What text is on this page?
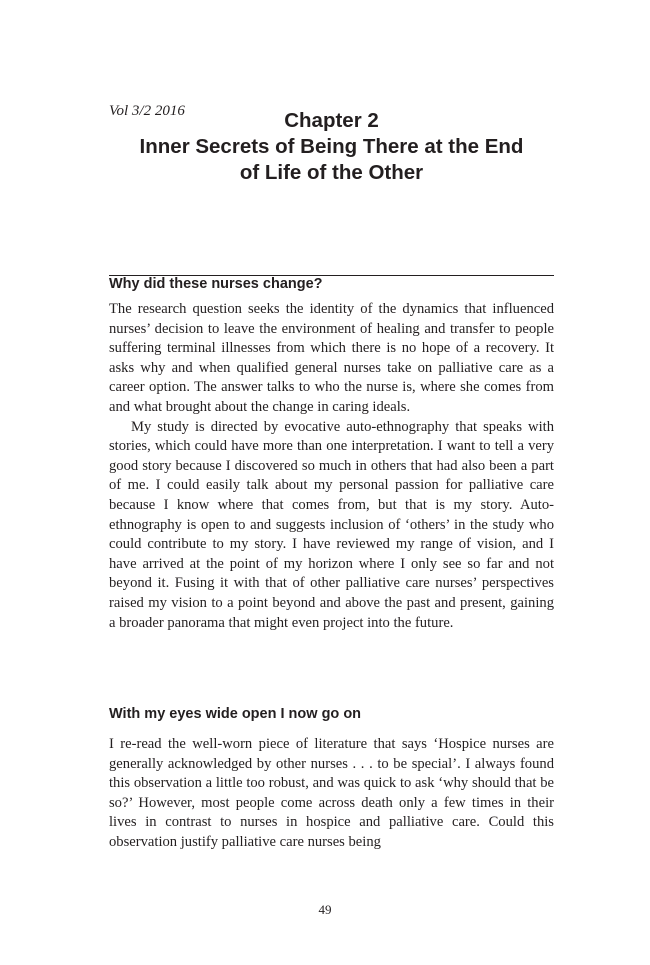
Vol 3/2 2016	Chapter 2
Inner Secrets of Being There at the End
of Life of the Other
Why did these nurses change?

The research question seeks the identity of the dynamics that influenced nurses’ decision to leave the environment of healing and transfer to people suffering terminal illnesses from which there is no hope of a recovery. It asks why and when qualified general nurses take on palliative care as a career option. The answer talks to who the nurse is, where she comes from and what brought about the change in caring ideals.

My study is directed by evocative auto-ethnography that speaks with stories, which could have more than one interpretation. I want to tell a very good story because I discovered so much in others that had also been a part of me. I could easily talk about my personal passion for palliative care because I know where that comes from, but that is my story. Auto-ethnography is open to and suggests inclusion of ‘others’ in the study who could contribute to my story. I have reviewed my range of vision, and I have arrived at the point of my horizon where I only see so far and not beyond it. Fusing it with that of other palliative care nurses’ perspectives raised my vision to a point beyond and above the past and present, gaining a broader panorama that might even project into the future.

With my eyes wide open I now go on

I re-read the well-worn piece of literature that says ‘Hospice nurses are generally acknowledged by other nurses . . . to be special’. I always found this observation a little too robust, and was quick to ask ‘why should that be so?’ However, most people come across death only a few times in their lives in contrast to nurses in hospice and palliative care. Could this observation justify palliative care nurses being

49
